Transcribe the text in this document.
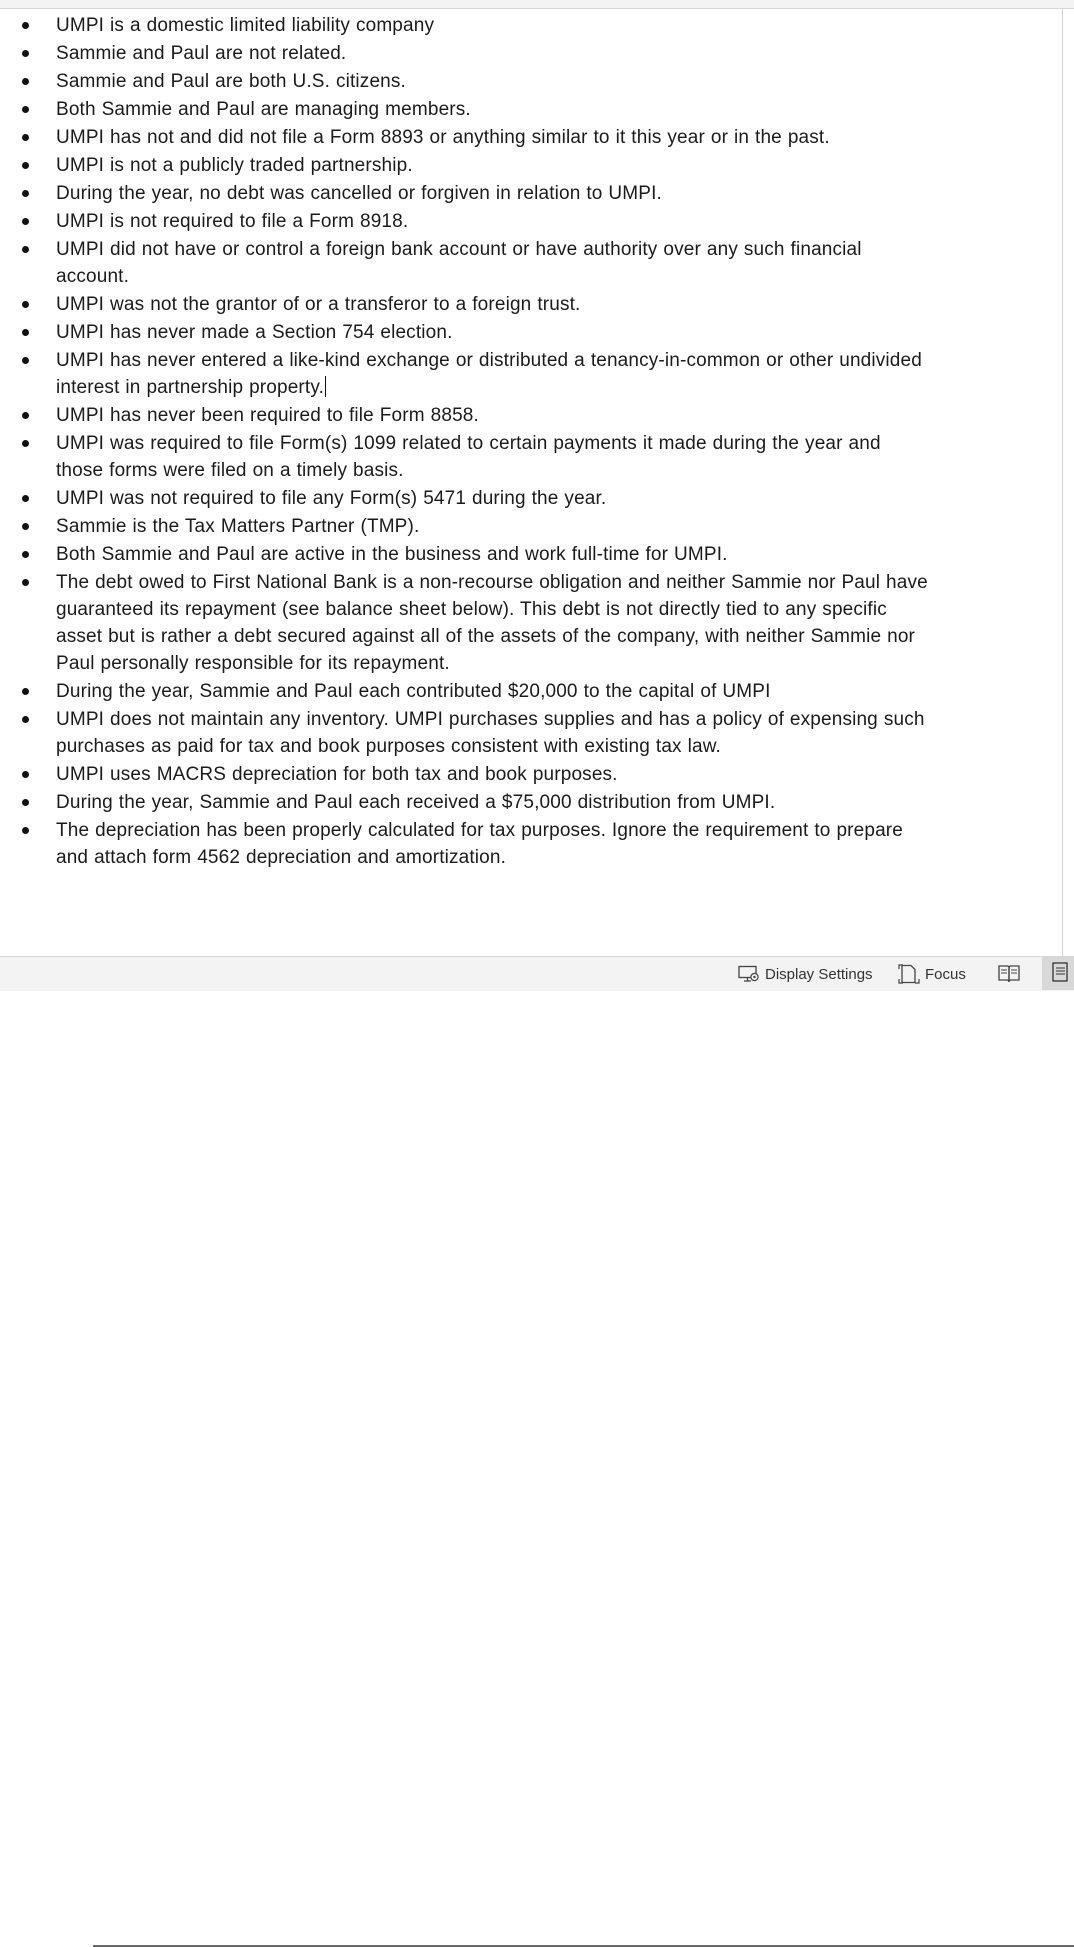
UMPI is a domestic limited liability company
Sammie and Paul are not related.
Sammie and Paul are both U.S. citizens.
Both Sammie and Paul are managing members.
UMPI has not and did not file a Form 8893 or anything similar to it this year or in the past.
UMPI is not a publicly traded partnership.
During the year, no debt was cancelled or forgiven in relation to UMPI.
UMPI is not required to file a Form 8918.
UMPI did not have or control a foreign bank account or have authority over any such financial account.
UMPI was not the grantor of or a transferor to a foreign trust.
UMPI has never made a Section 754 election.
UMPI has never entered a like-kind exchange or distributed a tenancy-in-common or other undivided interest in partnership property.
UMPI has never been required to file Form 8858.
UMPI was required to file Form(s) 1099 related to certain payments it made during the year and those forms were filed on a timely basis.
UMPI was not required to file any Form(s) 5471 during the year.
Sammie is the Tax Matters Partner (TMP).
Both Sammie and Paul are active in the business and work full-time for UMPI.
The debt owed to First National Bank is a non-recourse obligation and neither Sammie nor Paul have guaranteed its repayment (see balance sheet below). This debt is not directly tied to any specific asset but is rather a debt secured against all of the assets of the company, with neither Sammie nor Paul personally responsible for its repayment.
During the year, Sammie and Paul each contributed $20,000 to the capital of UMPI
UMPI does not maintain any inventory. UMPI purchases supplies and has a policy of expensing such purchases as paid for tax and book purposes consistent with existing tax law.
UMPI uses MACRS depreciation for both tax and book purposes.
During the year, Sammie and Paul each received a $75,000 distribution from UMPI.
The depreciation has been properly calculated for tax purposes. Ignore the requirement to prepare and attach form 4562 depreciation and amortization.
Display Settings	Focus
